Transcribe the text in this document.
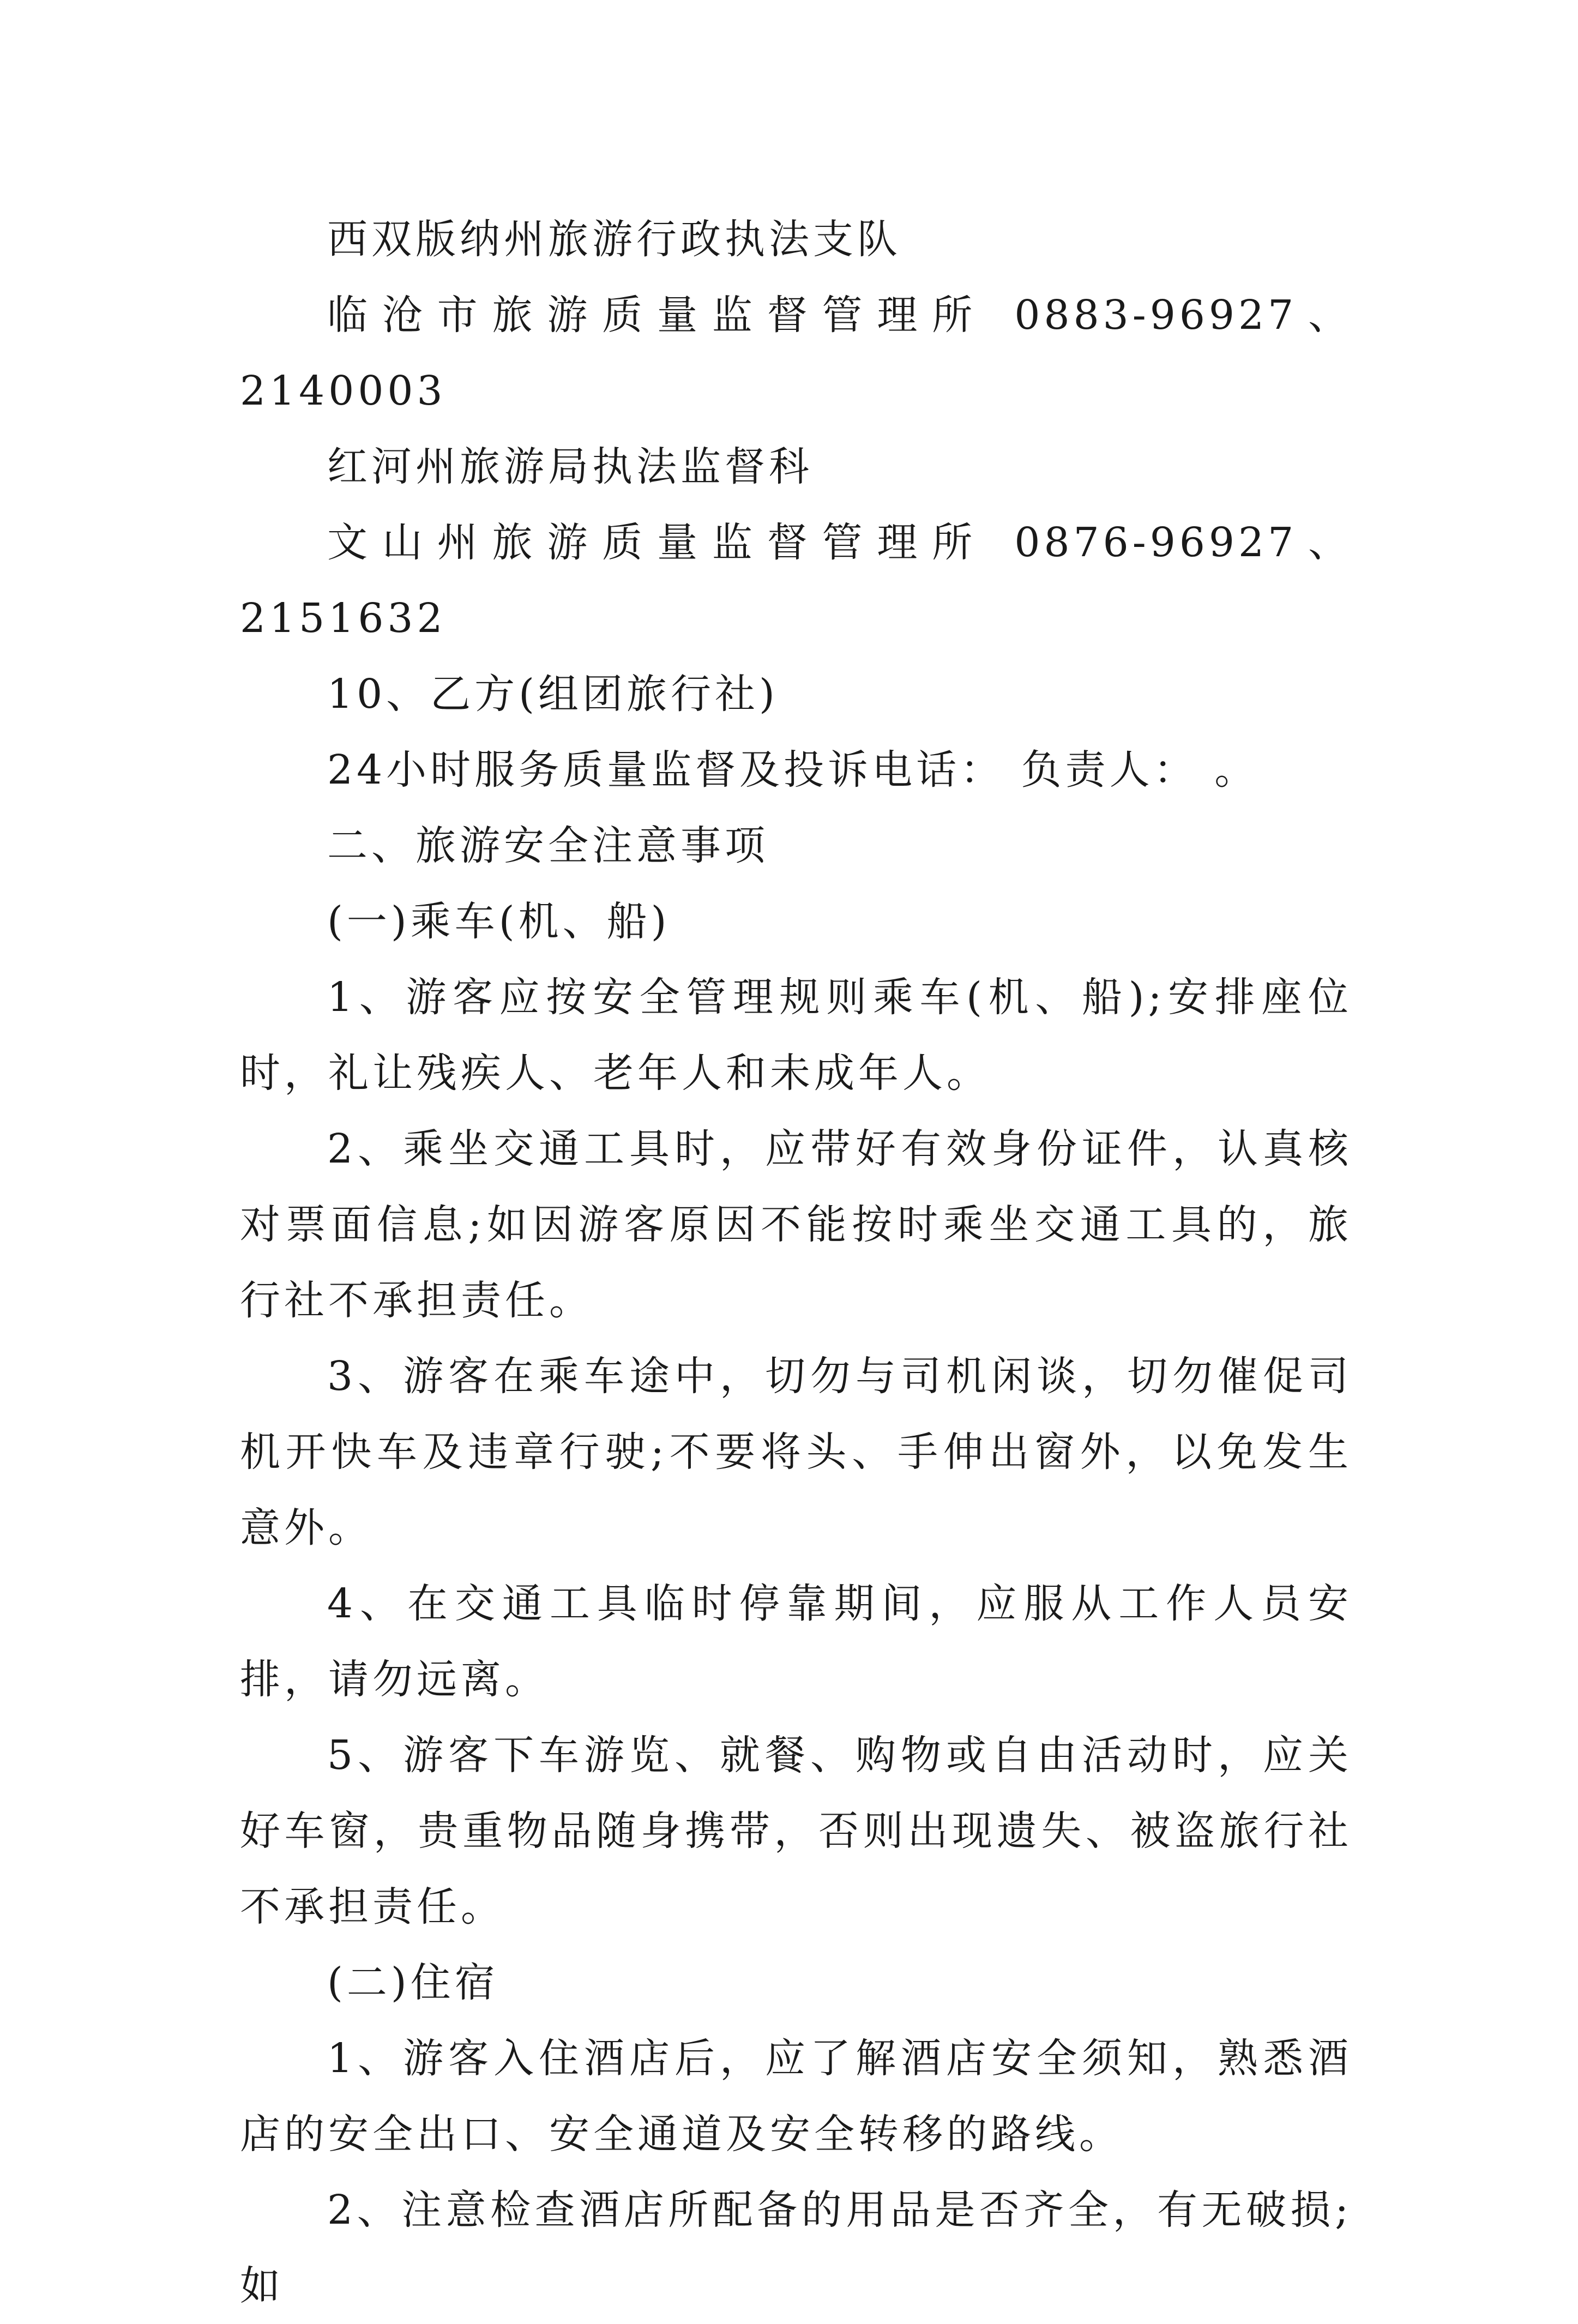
西双版纳州旅游行政执法支队

临沧市旅游质量监督管理所 0883-96927、2140003

红河州旅游局执法监督科

文山州旅游质量监督管理所 0876-96927、2151632

10、乙方(组团旅行社)

24小时服务质量监督及投诉电话： 负责人： 。

二、旅游安全注意事项

(一)乘车(机、船)

1、游客应按安全管理规则乘车(机、船);安排座位时，礼让残疾人、老年人和未成年人。

2、乘坐交通工具时，应带好有效身份证件，认真核对票面信息;如因游客原因不能按时乘坐交通工具的，旅行社不承担责任。

3、游客在乘车途中，切勿与司机闲谈，切勿催促司机开快车及违章行驶;不要将头、手伸出窗外，以免发生意外。

4、在交通工具临时停靠期间，应服从工作人员安排，请勿远离。

5、游客下车游览、就餐、购物或自由活动时，应关好车窗，贵重物品随身携带，否则出现遗失、被盗旅行社不承担责任。

(二)住宿

1、游客入住酒店后，应了解酒店安全须知，熟悉酒店的安全出口、安全通道及安全转移的路线。

2、注意检查酒店所配备的用品是否齐全，有无破损;如
